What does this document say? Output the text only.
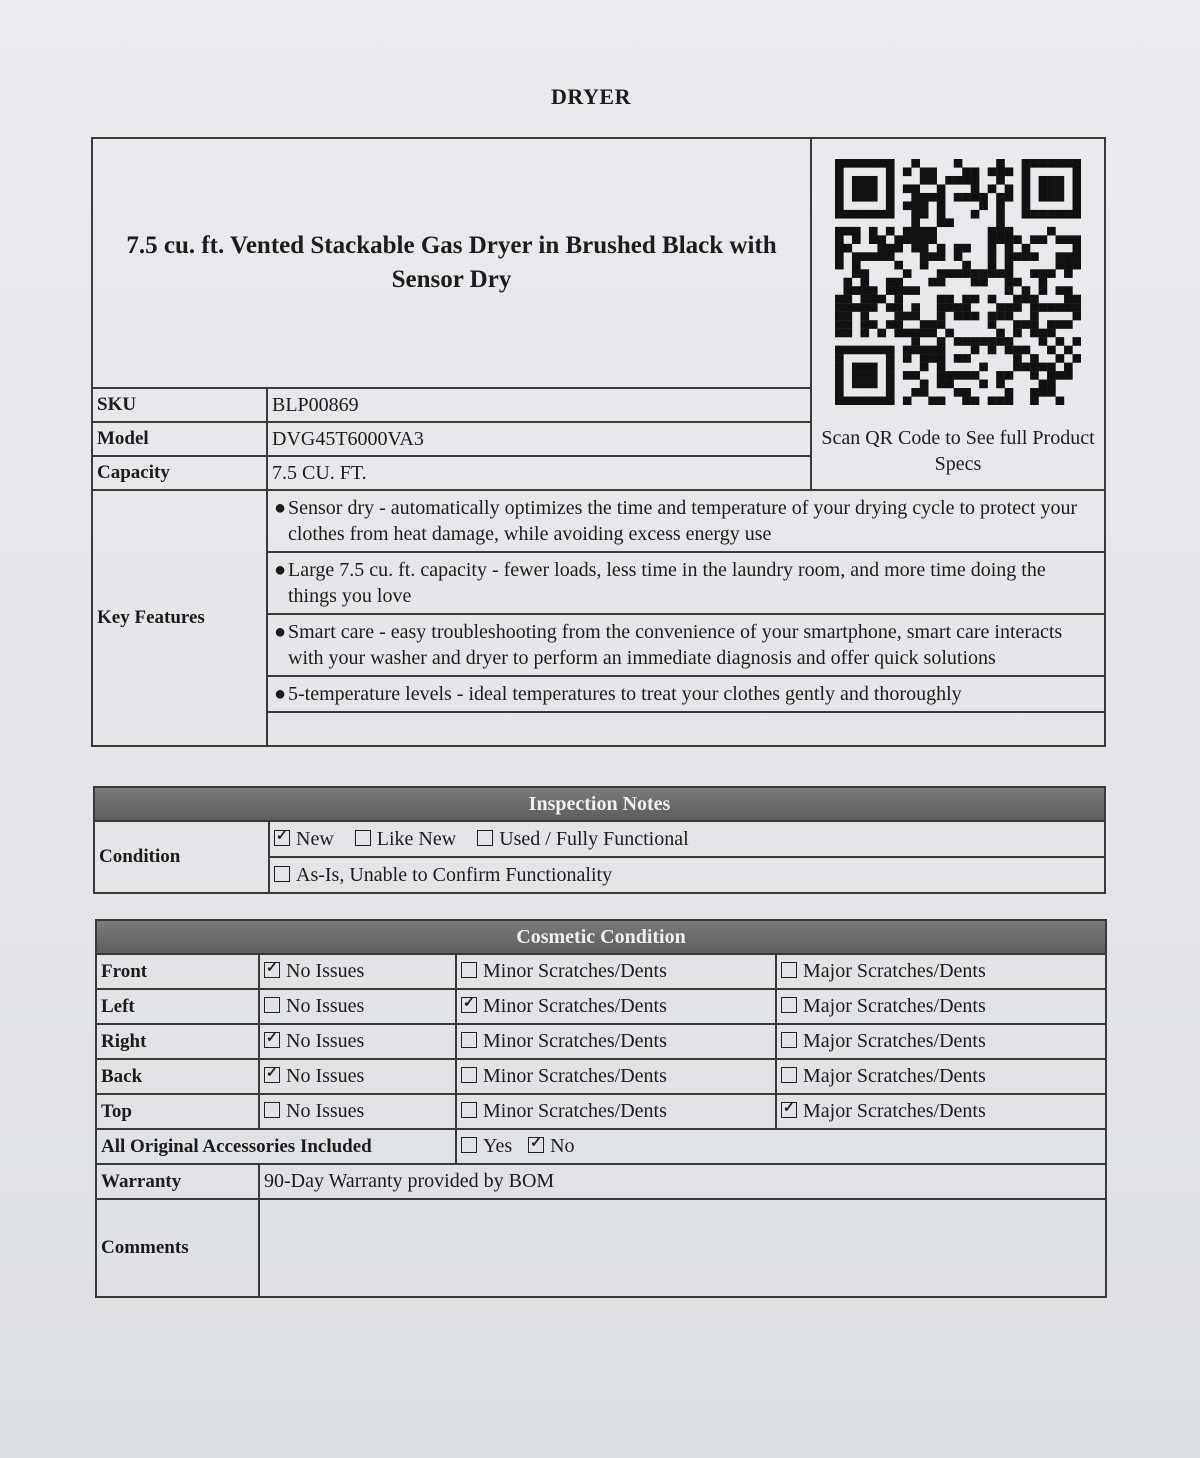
DRYER
7.5 cu. ft. Vented Stackable Gas Dryer in Brushed Black with Sensor Dry		Scan QR Code to See full Product Specs

SKU	BLP00869	
Model	DVG45T6000VA3	
Capacity	7.5 CU. FT.	
Key Features	● Sensor dry - automatically optimizes the time and temperature of your drying cycle to protect your clothes from heat damage, while avoiding excess energy use	

	● Large 7.5 cu. ft. capacity - fewer loads, less time in the laundry room, and more time doing the things you love	

	● Smart care - easy troubleshooting from the convenience of your smartphone, smart care interacts with your washer and dryer to perform an immediate diagnosis and offer quick solutions	

	● 5-temperature levels - ideal temperatures to treat your clothes gently and thoroughly	

Inspection Notes
Condition	✓New Like New Used / Fully Functional
As-Is, Unable to Confirm Functionality
Cosmetic Condition			
Front	✓No Issues	Minor Scratches/Dents	Major Scratches/Dents
Left	No Issues	✓Minor Scratches/Dents	Major Scratches/Dents
Right	✓No Issues	Minor Scratches/Dents	Major Scratches/Dents
Back	✓No Issues	Minor Scratches/Dents	Major Scratches/Dents
Top	No Issues	Minor Scratches/Dents	✓Major Scratches/Dents
All Original Accessories Included		Yes ✓ No
Warranty	90-Day Warranty provided by BOM		
Comments			
